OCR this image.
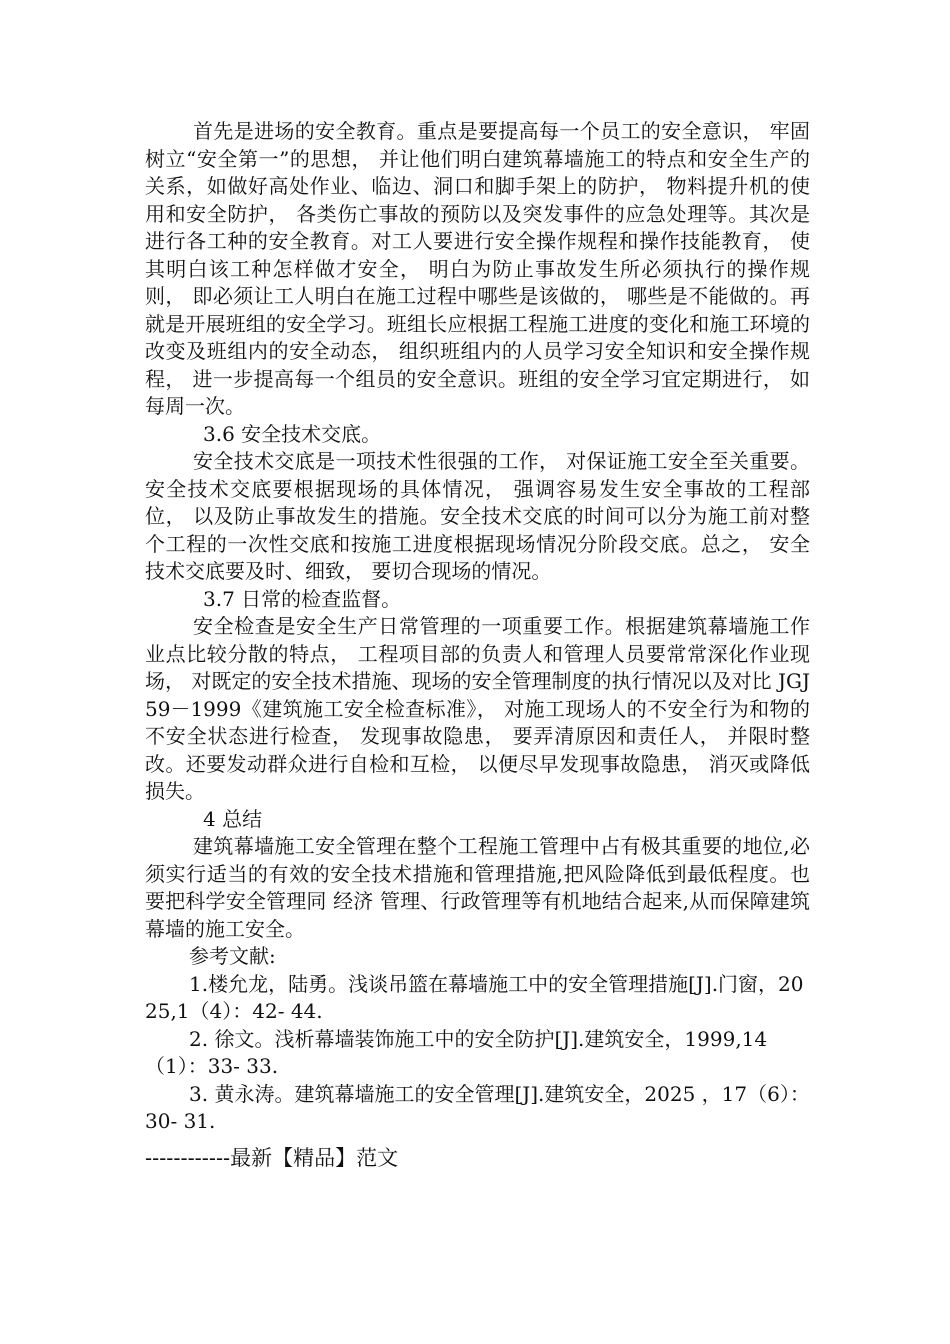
首先是进场的安全教育。重点是要提高每一个员工的安全意识， 牢固树立“安全第一”的思想， 并让他们明白建筑幕墙施工的特点和安全生产的关系，如做好高处作业、临边、洞口和脚手架上的防护， 物料提升机的使用和安全防护， 各类伤亡事故的预防以及突发事件的应急处理等。其次是进行各工种的安全教育。对工人要进行安全操作规程和操作技能教育， 使其明白该工种怎样做才安全， 明白为防止事故发生所必须执行的操作规则， 即必须让工人明白在施工过程中哪些是该做的， 哪些是不能做的。再就是开展班组的安全学习。班组长应根据工程施工进度的变化和施工环境的改变及班组内的安全动态， 组织班组内的人员学习安全知识和安全操作规程， 进一步提高每一个组员的安全意识。班组的安全学习宜定期进行， 如每周一次。

3.6 安全技术交底。

安全技术交底是一项技术性很强的工作， 对保证施工安全至关重要。安全技术交底要根据现场的具体情况， 强调容易发生安全事故的工程部位， 以及防止事故发生的措施。安全技术交底的时间可以分为施工前对整个工程的一次性交底和按施工进度根据现场情况分阶段交底。总之， 安全技术交底要及时、细致， 要切合现场的情况。

3.7 日常的检查监督。

安全检查是安全生产日常管理的一项重要工作。根据建筑幕墙施工作业点比较分散的特点， 工程项目部的负责人和管理人员要常常深化作业现场， 对既定的安全技术措施、现场的安全管理制度的执行情况以及对比 JGJ 59－1999《建筑施工安全检查标准》， 对施工现场人的不安全行为和物的不安全状态进行检查， 发现事故隐患， 要弄清原因和责任人， 并限时整改。还要发动群众进行自检和互检， 以便尽早发现事故隐患， 消灭或降低损失。

4 总结

建筑幕墙施工安全管理在整个工程施工管理中占有极其重要的地位,必须实行适当的有效的安全技术措施和管理措施,把风险降低到最低程度。也要把科学安全管理同 经济 管理、行政管理等有机地结合起来,从而保障建筑幕墙的施工安全。

参考文献:

1.楼允龙，陆勇。浅谈吊篮在幕墙施工中的安全管理措施[J].门窗，2025,1（4）：42- 44.

2. 徐文。浅析幕墙装饰施工中的安全防护[J].建筑安全，1999,14（1）：33- 33.

3. 黄永涛。建筑幕墙施工的安全管理[J].建筑安全，2025 ，17（6）：30- 31.

------------最新【精品】范文
